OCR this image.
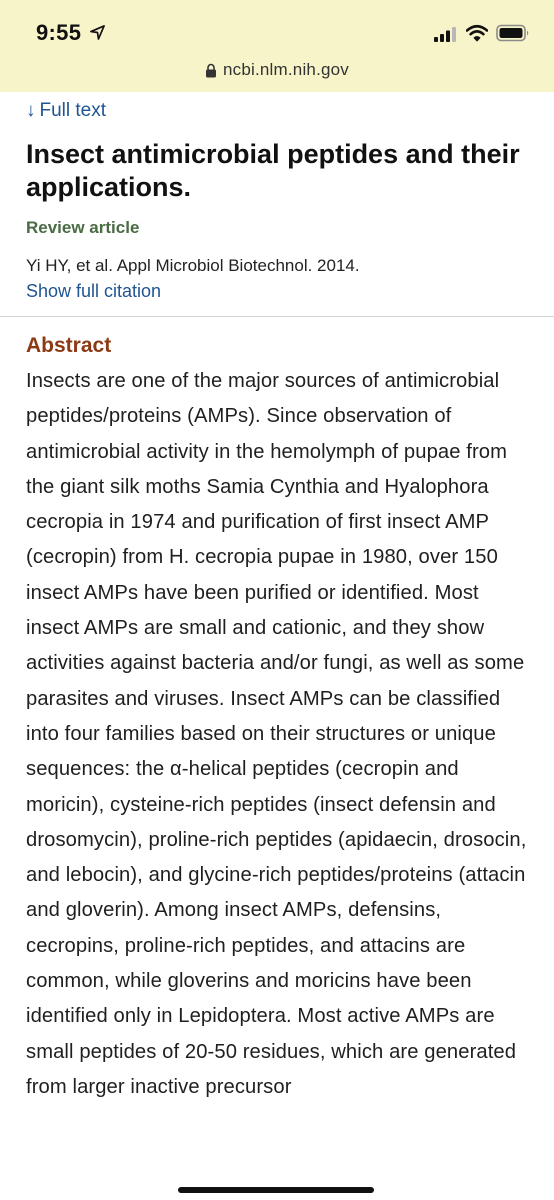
9:55
ncbi.nlm.nih.gov
↓ Full text
Insect antimicrobial peptides and their applications.
Review article
Yi HY, et al. Appl Microbiol Biotechnol. 2014.
Show full citation
Abstract
Insects are one of the major sources of antimicrobial peptides/proteins (AMPs). Since observation of antimicrobial activity in the hemolymph of pupae from the giant silk moths Samia Cynthia and Hyalophora cecropia in 1974 and purification of first insect AMP (cecropin) from H. cecropia pupae in 1980, over 150 insect AMPs have been purified or identified. Most insect AMPs are small and cationic, and they show activities against bacteria and/or fungi, as well as some parasites and viruses. Insect AMPs can be classified into four families based on their structures or unique sequences: the α-helical peptides (cecropin and moricin), cysteine-rich peptides (insect defensin and drosomycin), proline-rich peptides (apidaecin, drosocin, and lebocin), and glycine-rich peptides/proteins (attacin and gloverin). Among insect AMPs, defensins, cecropins, proline-rich peptides, and attacins are common, while gloverins and moricins have been identified only in Lepidoptera. Most active AMPs are small peptides of 20-50 residues, which are generated from larger inactive precursor
